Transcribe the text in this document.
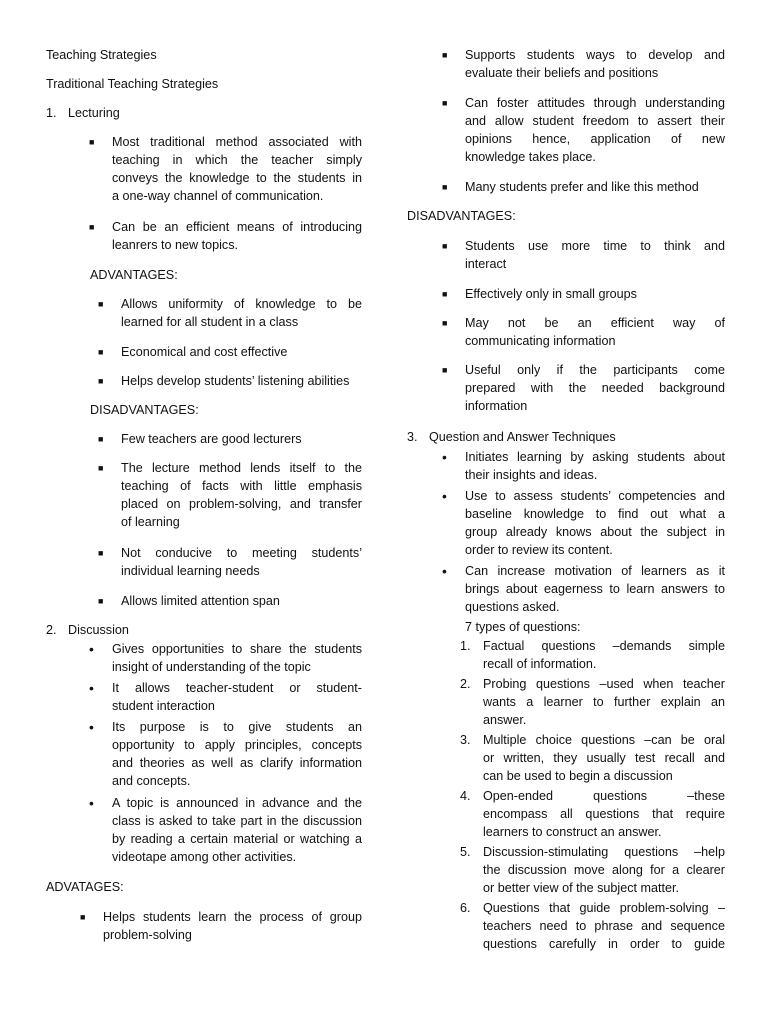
Teaching Strategies
Traditional Teaching Strategies
1. Lecturing
■ Most traditional method associated with
teaching in which the teacher simply
conveys the knowledge to the students in
a one-way channel of communication.
■ Can be an efficient means of introducing
leanrers to new topics.
ADVANTAGES:
■ Allows uniformity of knowledge to be
learned for all student in a class
■ Economical and cost effective
■ Helps develop students’ listening abilities
DISADVANTAGES:
■ Few teachers are good lecturers
■ The lecture method lends itself to the
teaching of facts with little emphasis
placed on problem-solving, and transfer
of learning
■ Not conducive to meeting students’
individual learning needs
■ Allows limited attention span
2. Discussion
• Gives opportunities to share the students
insight of understanding of the topic
• It allows teacher-student or student-
student interaction
• Its purpose is to give students an
opportunity to apply principles, concepts
and theories as well as clarify information
and concepts.
• A topic is announced in advance and the
class is asked to take part in the discussion
by reading a certain material or watching a
videotape among other activities.
ADVATAGES:
■ Helps students learn the process of group
problem-solving
■ Supports students ways to develop and
evaluate their beliefs and positions
■ Can foster attitudes through understanding
and allow student freedom to assert their
opinions hence, application of new
knowledge takes place.
■ Many students prefer and like this method
DISADVANTAGES:
■ Students use more time to think and
interact
■ Effectively only in small groups
■ May not be an efficient way of
communicating information
■ Useful only if the participants come
prepared with the needed background
information
3. Question and Answer Techniques
• Initiates learning by asking students about
their insights and ideas.
• Use to assess students’ competencies and
baseline knowledge to find out what a
group already knows about the subject in
order to review its content.
• Can increase motivation of learners as it
brings about eagerness to learn answers to
questions asked.
7 types of questions:
1. Factual questions –demands simple
recall of information.
2. Probing questions –used when teacher
wants a learner to further explain an
answer.
3. Multiple choice questions –can be oral
or written, they usually test recall and
can be used to begin a discussion
4. Open-ended questions –these
encompass all questions that require
learners to construct an answer.
5. Discussion-stimulating questions –help
the discussion move along for a clearer
or better view of the subject matter.
6. Questions that guide problem-solving –
teachers need to phrase and sequence
questions carefully in order to guide
